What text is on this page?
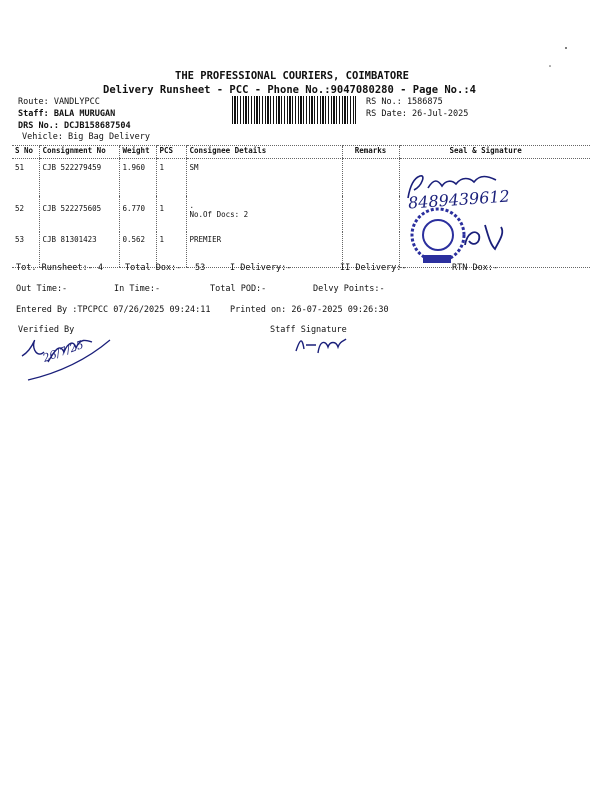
THE PROFESSIONAL COURIERS, COIMBATORE
Delivery Runsheet - PCC - Phone No.:9047080280 - Page No.:4
Route: VANDLYPCC
Staff: BALA MURUGAN
DRS No.: DCJB158687504
Vehicle: Big Bag Delivery
RS No.: 1586875
RS Date: 26-Jul-2025
S No	Consignment No	Weight	PCS	Consignee Details	Remarks	Seal & Signature
51	CJB 522279459	1.960	1	SM		

52	CJB 522275605	6.770	1	.
No.Of Docs: 2		

53	CJB 81301423	0.562	1	PREMIER		

Tot. Runsheet:- 4	Total Dox:- 53	I Delivery:-	II Delivery:-	RTN Dox:-
Out Time:-	In Time:-	Total POD:-	Delvy Points:-
Entered By :TPCPCC 07/26/2025 09:24:11 Printed on: 26-07-2025 09:26:30
Verified By	Staff Signature
8489439612
26/7/25
